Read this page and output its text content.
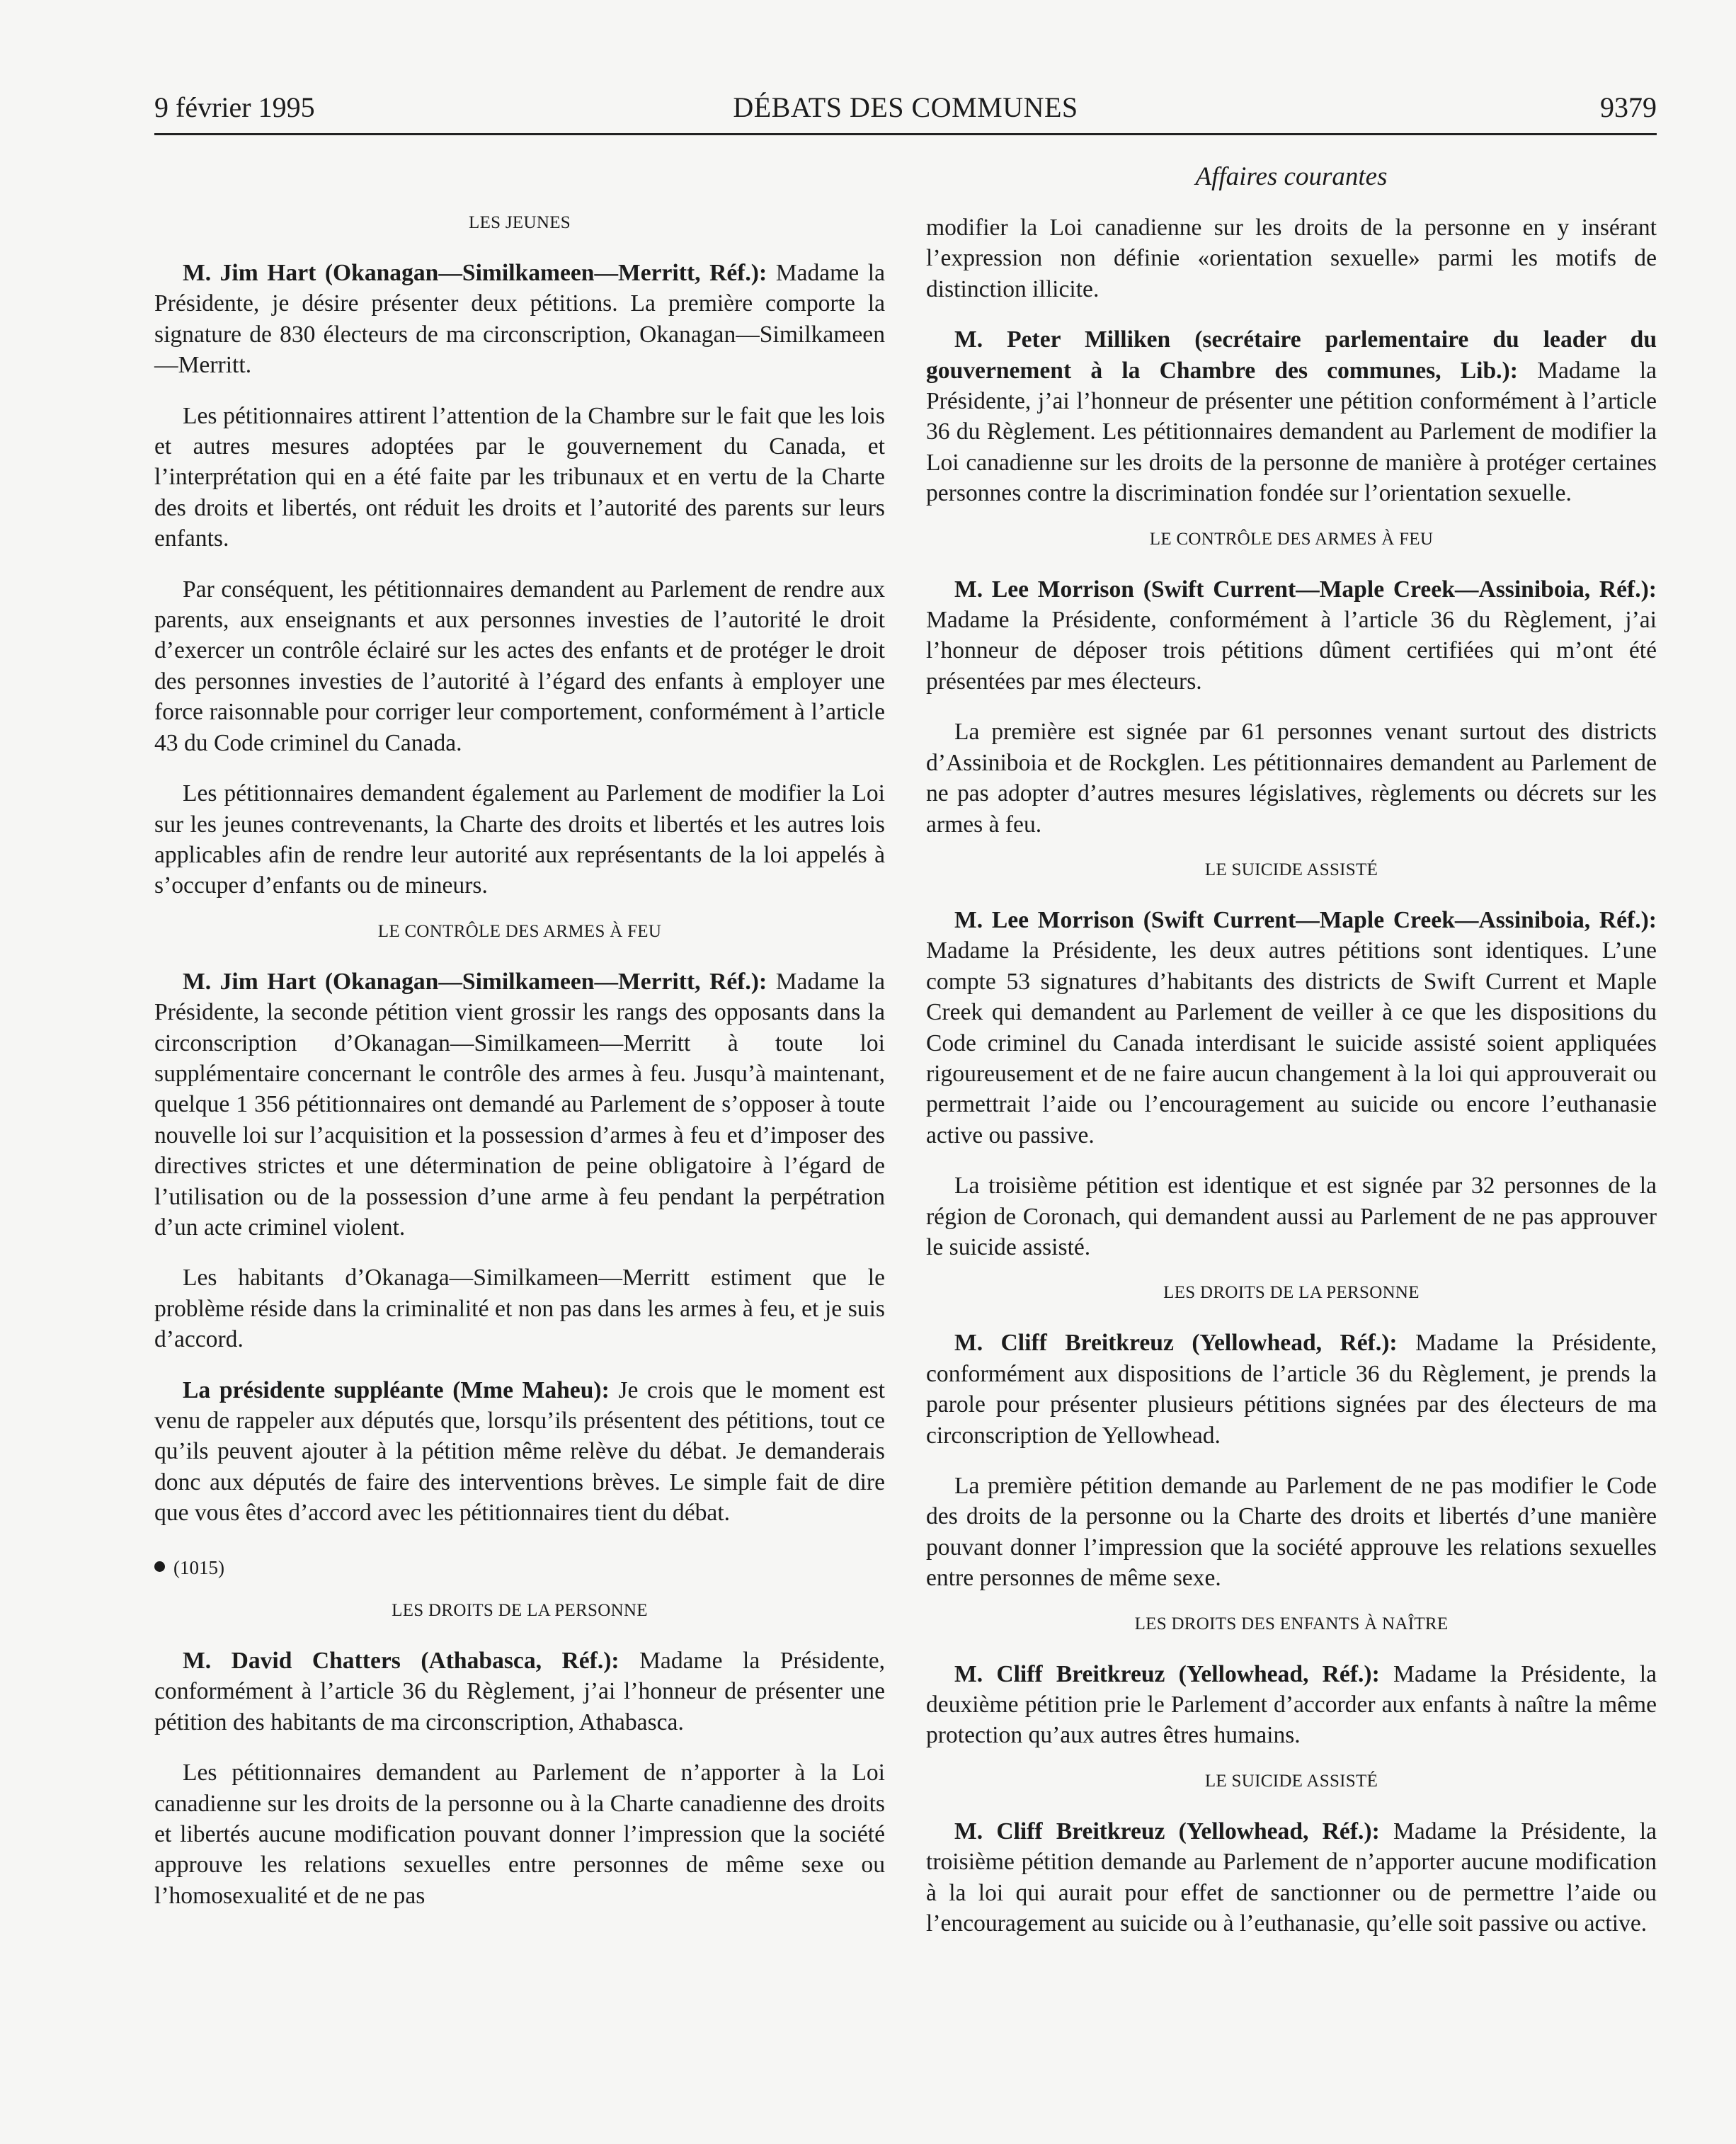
9 février 1995	DÉBATS DES COMMUNES	9379
Affaires courantes
LES JEUNES

M. Jim Hart (Okanagan—Similkameen—Merritt, Réf.): Madame la Présidente, je désire présenter deux pétitions. La première comporte la signature de 830 électeurs de ma circonscription, Okanagan—Similkameen—Merritt.

Les pétitionnaires attirent l’attention de la Chambre sur le fait que les lois et autres mesures adoptées par le gouvernement du Canada, et l’interprétation qui en a été faite par les tribunaux et en vertu de la Charte des droits et libertés, ont réduit les droits et l’autorité des parents sur leurs enfants.

Par conséquent, les pétitionnaires demandent au Parlement de rendre aux parents, aux enseignants et aux personnes investies de l’autorité le droit d’exercer un contrôle éclairé sur les actes des enfants et de protéger le droit des personnes investies de l’autorité à l’égard des enfants à employer une force raisonnable pour corriger leur comportement, conformément à l’article 43 du Code criminel du Canada.

Les pétitionnaires demandent également au Parlement de modifier la Loi sur les jeunes contrevenants, la Charte des droits et libertés et les autres lois applicables afin de rendre leur autorité aux représentants de la loi appelés à s’occuper d’enfants ou de mineurs.

LE CONTRÔLE DES ARMES À FEU

M. Jim Hart (Okanagan—Similkameen—Merritt, Réf.): Madame la Présidente, la seconde pétition vient grossir les rangs des opposants dans la circonscription d’Okanagan—Similkameen—Merritt à toute loi supplémentaire concernant le contrôle des armes à feu. Jusqu’à maintenant, quelque 1 356 pétitionnaires ont demandé au Parlement de s’opposer à toute nouvelle loi sur l’acquisition et la possession d’armes à feu et d’imposer des directives strictes et une détermination de peine obligatoire à l’égard de l’utilisation ou de la possession d’une arme à feu pendant la perpétration d’un acte criminel violent.

Les habitants d’Okanaga—Similkameen—Merritt estiment que le problème réside dans la criminalité et non pas dans les armes à feu, et je suis d’accord.

La présidente suppléante (Mme Maheu): Je crois que le moment est venu de rappeler aux députés que, lorsqu’ils présentent des pétitions, tout ce qu’ils peuvent ajouter à la pétition même relève du débat. Je demanderais donc aux députés de faire des interventions brèves. Le simple fait de dire que vous êtes d’accord avec les pétitionnaires tient du débat.

(1015)
LES DROITS DE LA PERSONNE

M. David Chatters (Athabasca, Réf.): Madame la Présidente, conformément à l’article 36 du Règlement, j’ai l’honneur de présenter une pétition des habitants de ma circonscription, Athabasca.

Les pétitionnaires demandent au Parlement de n’apporter à la Loi canadienne sur les droits de la personne ou à la Charte canadienne des droits et libertés aucune modification pouvant donner l’impression que la société approuve les relations sexuelles entre personnes de même sexe ou l’homosexualité et de ne pas

modifier la Loi canadienne sur les droits de la personne en y insérant l’expression non définie «orientation sexuelle» parmi les motifs de distinction illicite.

M. Peter Milliken (secrétaire parlementaire du leader du gouvernement à la Chambre des communes, Lib.): Madame la Présidente, j’ai l’honneur de présenter une pétition conformément à l’article 36 du Règlement. Les pétitionnaires demandent au Parlement de modifier la Loi canadienne sur les droits de la personne de manière à protéger certaines personnes contre la discrimination fondée sur l’orientation sexuelle.

LE CONTRÔLE DES ARMES À FEU

M. Lee Morrison (Swift Current—Maple Creek—Assiniboia, Réf.): Madame la Présidente, conformément à l’article 36 du Règlement, j’ai l’honneur de déposer trois pétitions dûment certifiées qui m’ont été présentées par mes électeurs.

La première est signée par 61 personnes venant surtout des districts d’Assiniboia et de Rockglen. Les pétitionnaires demandent au Parlement de ne pas adopter d’autres mesures législatives, règlements ou décrets sur les armes à feu.

LE SUICIDE ASSISTÉ

M. Lee Morrison (Swift Current—Maple Creek—Assiniboia, Réf.): Madame la Présidente, les deux autres pétitions sont identiques. L’une compte 53 signatures d’habitants des districts de Swift Current et Maple Creek qui demandent au Parlement de veiller à ce que les dispositions du Code criminel du Canada interdisant le suicide assisté soient appliquées rigoureusement et de ne faire aucun changement à la loi qui approuverait ou permettrait l’aide ou l’encouragement au suicide ou encore l’euthanasie active ou passive.

La troisième pétition est identique et est signée par 32 personnes de la région de Coronach, qui demandent aussi au Parlement de ne pas approuver le suicide assisté.

LES DROITS DE LA PERSONNE

M. Cliff Breitkreuz (Yellowhead, Réf.): Madame la Présidente, conformément aux dispositions de l’article 36 du Règlement, je prends la parole pour présenter plusieurs pétitions signées par des électeurs de ma circonscription de Yellowhead.

La première pétition demande au Parlement de ne pas modifier le Code des droits de la personne ou la Charte des droits et libertés d’une manière pouvant donner l’impression que la société approuve les relations sexuelles entre personnes de même sexe.

LES DROITS DES ENFANTS À NAÎTRE

M. Cliff Breitkreuz (Yellowhead, Réf.): Madame la Présidente, la deuxième pétition prie le Parlement d’accorder aux enfants à naître la même protection qu’aux autres êtres humains.

LE SUICIDE ASSISTÉ

M. Cliff Breitkreuz (Yellowhead, Réf.): Madame la Présidente, la troisième pétition demande au Parlement de n’apporter aucune modification à la loi qui aurait pour effet de sanctionner ou de permettre l’aide ou l’encouragement au suicide ou à l’euthanasie, qu’elle soit passive ou active.
